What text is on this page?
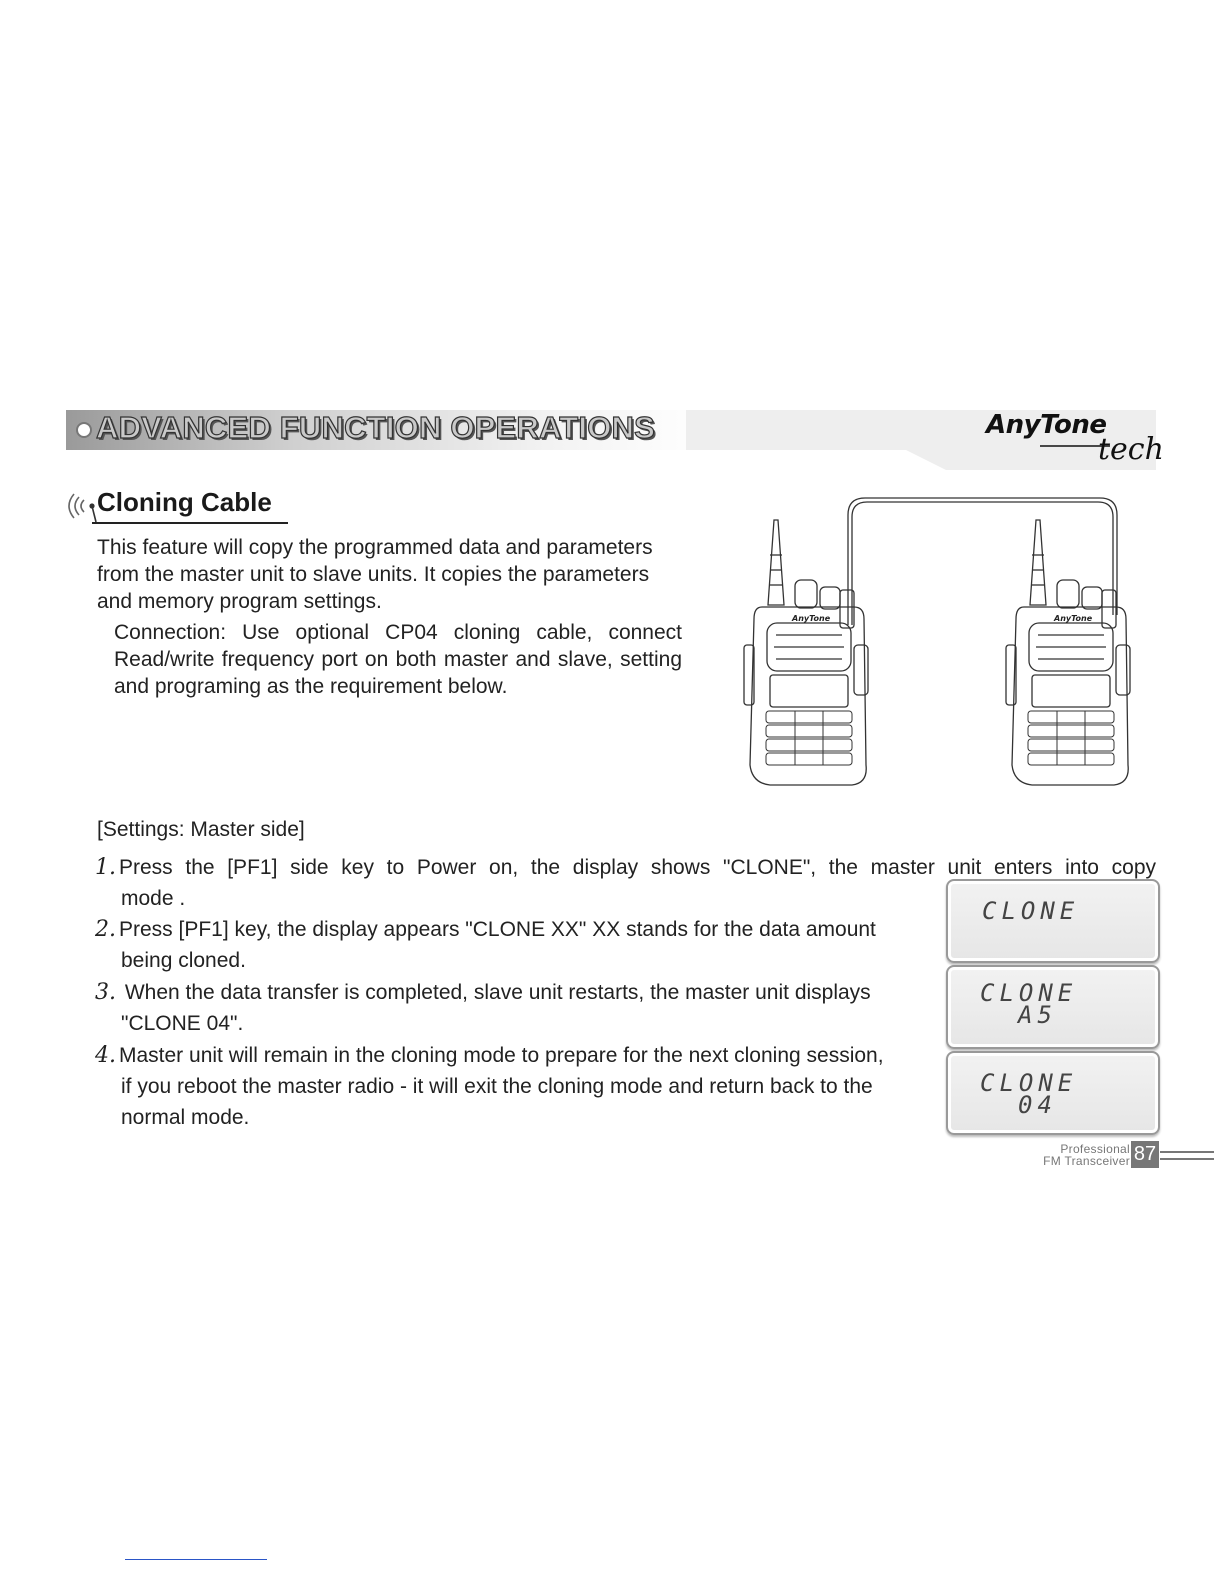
ADVANCED FUNCTION OPERATIONS	AnyTone
tech
Cloning Cable
This feature will copy the programmed data and parameters from the master unit to slave units. It copies the parameters and memory program settings.
Connection: Use optional CP04 cloning cable, connect Read/write frequency port on both master and slave, setting and programing as the requirement below.
AnyTone	AnyTone
[Settings: Master side]
1. Press the [PF1] side key to Power on, the display shows "CLONE", the master unit enters into copy
mode .
2. Press [PF1] key, the display appears "CLONE XX" XX stands for the data amount
being cloned.
3. When the data transfer is completed, slave unit restarts, the master unit displays
"CLONE 04".
4. Master unit will remain in the cloning mode to prepare for the next cloning session,
if you reboot the master radio - it will exit the cloning mode and return back to the
normal mode.
CLONE
CLONE
A5
CLONE
04
Professional
FM Transceiver 87
